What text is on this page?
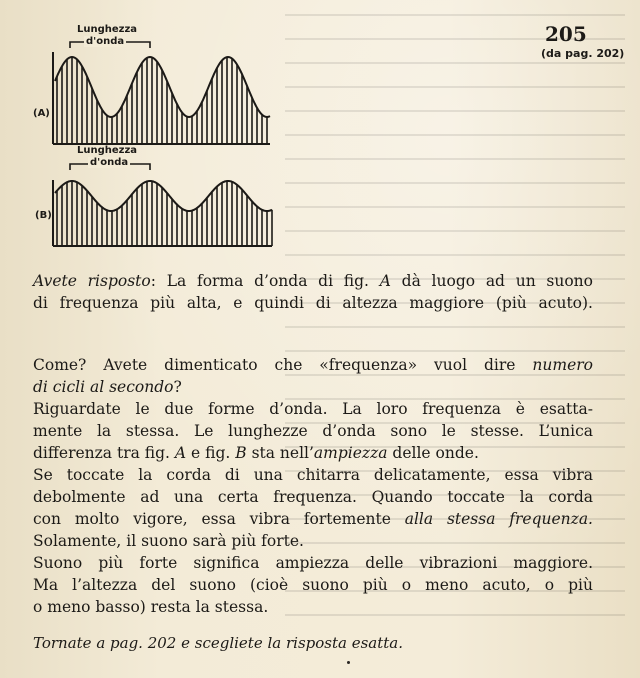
205
(da pag. 202)
Lunghezza
d'onda
(A)
Lunghezza
d'onda
(B)

Avete risposto: La forma d’onda di fig. A dà luogo ad un suono

di frequenza più alta, e quindi di altezza maggiore (più acuto).

Come? Avete dimenticato che «frequenza» vuol dire numero

di cicli al secondo?

Riguardate le due forme d’onda. La loro frequenza è esatta-

mente la stessa. Le lunghezze d’onda sono le stesse. L’unica

differenza tra fig. A e fig. B sta nell’ampiezza delle onde.

Se toccate la corda di una chitarra delicatamente, essa vibra

debolmente ad una certa frequenza. Quando toccate la corda

con molto vigore, essa vibra fortemente alla stessa frequenza.

Solamente, il suono sarà più forte.

Suono più forte significa ampiezza delle vibrazioni maggiore.

Ma l’altezza del suono (cioè suono più o meno acuto, o più

o meno basso) resta la stessa.

Tornate a pag. 202 e scegliete la risposta esatta.
